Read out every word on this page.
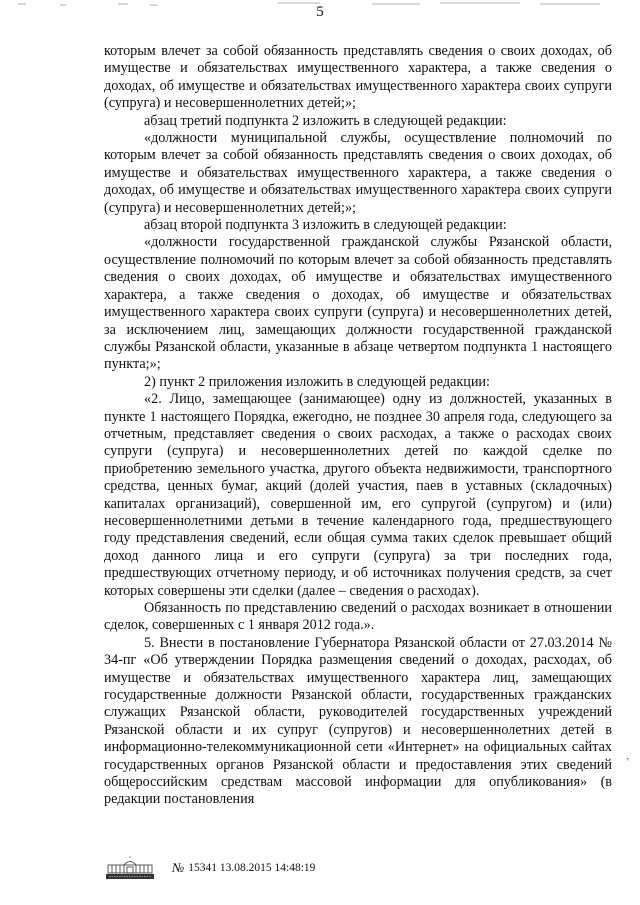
5

которым влечет за собой обязанность представлять сведения о своих доходах, об имуществе и обязательствах имущественного характера, а также сведения о доходах, об имуществе и обязательствах имущественного характера своих супруги (супруга) и несовершеннолетних детей;»;

абзац третий подпункта 2 изложить в следующей редакции:

«должности муниципальной службы, осуществление полномочий по которым влечет за собой обязанность представлять сведения о своих доходах, об имуществе и обязательствах имущественного характера, а также сведения о доходах, об имуществе и обязательствах имущественного характера своих супруги (супруга) и несовершеннолетних детей;»;

абзац второй подпункта 3 изложить в следующей редакции:

«должности государственной гражданской службы Рязанской области, осуществление полномочий по которым влечет за собой обязанность представлять сведения о своих доходах, об имуществе и обязательствах имущественного характера, а также сведения о доходах, об имуществе и обязательствах имущественного характера своих супруги (супруга) и несовершеннолетних детей, за исключением лиц, замещающих должности государственной гражданской службы Рязанской области, указанные в абзаце четвертом подпункта 1 настоящего пункта;»;

2) пункт 2 приложения изложить в следующей редакции:

«2. Лицо, замещающее (занимающее) одну из должностей, указанных в пункте 1 настоящего Порядка, ежегодно, не позднее 30 апреля года, следующего за отчетным, представляет сведения о своих расходах, а также о расходах своих супруги (супруга) и несовершеннолетних детей по каждой сделке по приобретению земельного участка, другого объекта недвижимости, транспортного средства, ценных бумаг, акций (долей участия, паев в уставных (складочных) капиталах организаций), совершенной им, его супругой (супругом) и (или) несовершеннолетними детьми в течение календарного года, предшествующего году представления сведений, если общая сумма таких сделок превышает общий доход данного лица и его супруги (супруга) за три последних года, предшествующих отчетному периоду, и об источниках получения средств, за счет которых совершены эти сделки (далее – сведения о расходах).

Обязанность по представлению сведений о расходах возникает в отношении сделок, совершенных с 1 января 2012 года.».

5. Внести в постановление Губернатора Рязанской области от 27.03.2014 № 34-пг «Об утверждении Порядка размещения сведений о доходах, расходах, об имуществе и обязательствах имущественного характера лиц, замещающих государственные должности Рязанской области, государственных гражданских служащих Рязанской области, руководителей государственных учреждений Рязанской области и их супруг (супругов) и несовершеннолетних детей в информационно-телекоммуникационной сети «Интернет» на официальных сайтах государственных органов Рязанской области и предоставления этих сведений общероссийским средствам массовой информации для опубликования» (в редакции постановления

№ 15341 13.08.2015 14:48:19
ʼ
